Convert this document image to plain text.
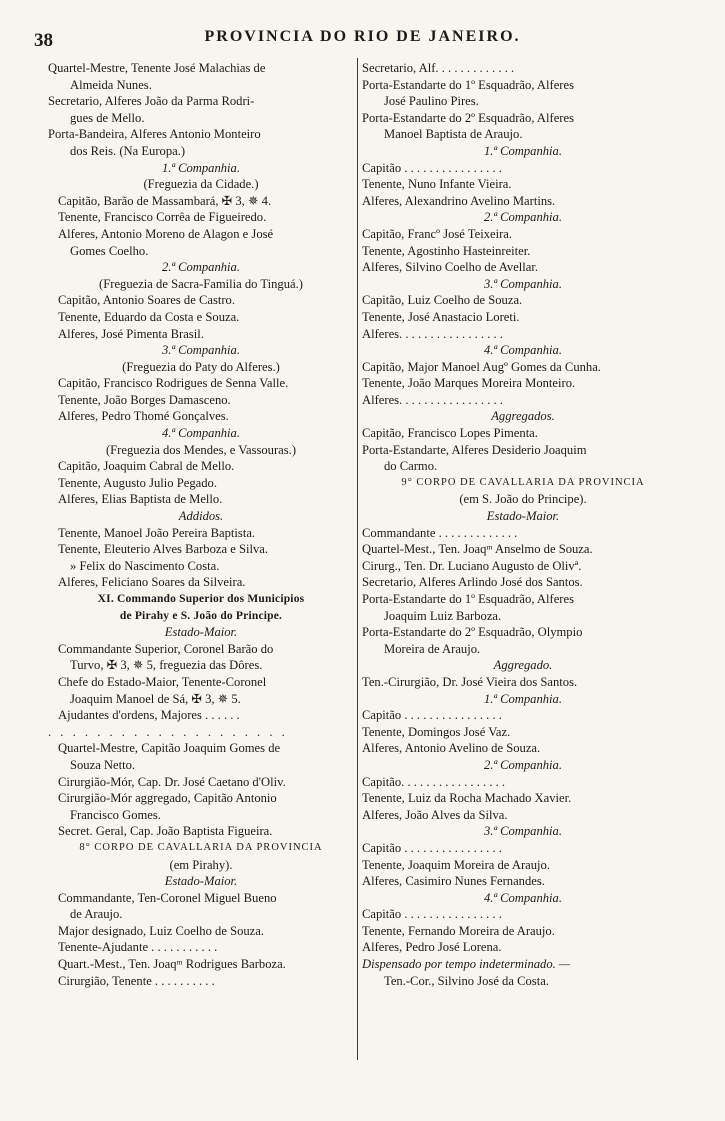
38	PROVINCIA DO RIO DE JANEIRO.
Quartel-Mestre, Tenente José Malachias de
Almeida Nunes.
Secretario, Alferes João da Parma Rodri-
gues de Mello.
Porta-Bandeira, Alferes Antonio Monteiro
dos Reis. (Na Europa.)
1.ª Companhia.
(Freguezia da Cidade.)
Capitão, Barão de Massambará, ✠ 3, ✵ 4.
Tenente, Francisco Corrêa de Figueiredo.
Alferes, Antonio Moreno de Alagon e José
Gomes Coelho.
2.ª Companhia.
(Freguezia de Sacra-Familia do Tinguá.)
Capitão, Antonio Soares de Castro.
Tenente, Eduardo da Costa e Souza.
Alferes, José Pimenta Brasil.
3.ª Companhia.
(Freguezia do Paty do Alferes.)
Capitão, Francisco Rodrigues de Senna Valle.
Tenente, João Borges Damasceno.
Alferes, Pedro Thomé Gonçalves.
4.ª Companhia.
(Freguezia dos Mendes, e Vassouras.)
Capitão, Joaquim Cabral de Mello.
Tenente, Augusto Julio Pegado.
Alferes, Elias Baptista de Mello.
Addidos.
Tenente, Manoel João Pereira Baptista.
Tenente, Eleuterio Alves Barboza e Silva.
» Felix do Nascimento Costa.
Alferes, Feliciano Soares da Silveira.
XI. Commando Superior dos Municipios
de Pirahy e S. João do Principe.
Estado-Maior.
Commandante Superior, Coronel Barão do
Turvo, ✠ 3, ✵ 5, freguezia das Dôres.
Chefe do Estado-Maior, Tenente-Coronel
Joaquim Manoel de Sá, ✠ 3, ✵ 5.
Ajudantes d'ordens, Majores . . . . . .
. . . . . . . . . . . . . . . . . . . .
Quartel-Mestre, Capitão Joaquim Gomes de
Souza Netto.
Cirurgião-Mór, Cap. Dr. José Caetano d'Oliv.
Cirurgião-Mór aggregado, Capitão Antonio
Francisco Gomes.
Secret. Geral, Cap. João Baptista Figueira.
8° CORPO DE CAVALLARIA DA PROVINCIA
(em Pirahy).
Estado-Maior.
Commandante, Ten-Coronel Miguel Bueno
de Araujo.
Major designado, Luiz Coelho de Souza.
Tenente-Ajudante . . . . . . . . . . .
Quart.-Mest., Ten. Joaqᵐ Rodrigues Barboza.
Cirurgião, Tenente . . . . . . . . . .
Secretario, Alf. . . . . . . . . . . . .
Porta-Estandarte do 1º Esquadrão, Alferes
José Paulino Pires.
Porta-Estandarte do 2º Esquadrão, Alferes
Manoel Baptista de Araujo.
1.ª Companhia.
Capitão . . . . . . . . . . . . . . . .
Tenente, Nuno Infante Vieira.
Alferes, Alexandrino Avelino Martins.
2.ª Companhia.
Capitão, Francº José Teixeira.
Tenente, Agostinho Hasteinreiter.
Alferes, Silvino Coelho de Avellar.
3.ª Companhia.
Capitão, Luiz Coelho de Souza.
Tenente, José Anastacio Loreti.
Alferes. . . . . . . . . . . . . . . . .
4.ª Companhia.
Capitão, Major Manoel Augº Gomes da Cunha.
Tenente, João Marques Moreira Monteiro.
Alferes. . . . . . . . . . . . . . . . .
Aggregados.
Capitão, Francisco Lopes Pimenta.
Porta-Estandarte, Alferes Desiderio Joaquim
do Carmo.
9° CORPO DE CAVALLARIA DA PROVINCIA
(em S. João do Principe).
Estado-Maior.
Commandante . . . . . . . . . . . . .
Quartel-Mest., Ten. Joaqᵐ Anselmo de Souza.
Cirurg., Ten. Dr. Luciano Augusto de Olivª.
Secretario, Alferes Arlindo José dos Santos.
Porta-Estandarte do 1º Esquadrão, Alferes
Joaquim Luiz Barboza.
Porta-Estandarte do 2º Esquadrão, Olympio
Moreira de Araujo.
Aggregado.
Ten.-Cirurgião, Dr. José Vieira dos Santos.
1.ª Companhia.
Capitão . . . . . . . . . . . . . . . .
Tenente, Domingos José Vaz.
Alferes, Antonio Avelino de Souza.
2.ª Companhia.
Capitão. . . . . . . . . . . . . . . . .
Tenente, Luiz da Rocha Machado Xavier.
Alferes, João Alves da Silva.
3.ª Companhia.
Capitão . . . . . . . . . . . . . . . .
Tenente, Joaquim Moreira de Araujo.
Alferes, Casimiro Nunes Fernandes.
4.ª Companhia.
Capitão . . . . . . . . . . . . . . . .
Tenente, Fernando Moreira de Araujo.
Alferes, Pedro José Lorena.
Dispensado por tempo indeterminado. —
Ten.-Cor., Silvino José da Costa.
